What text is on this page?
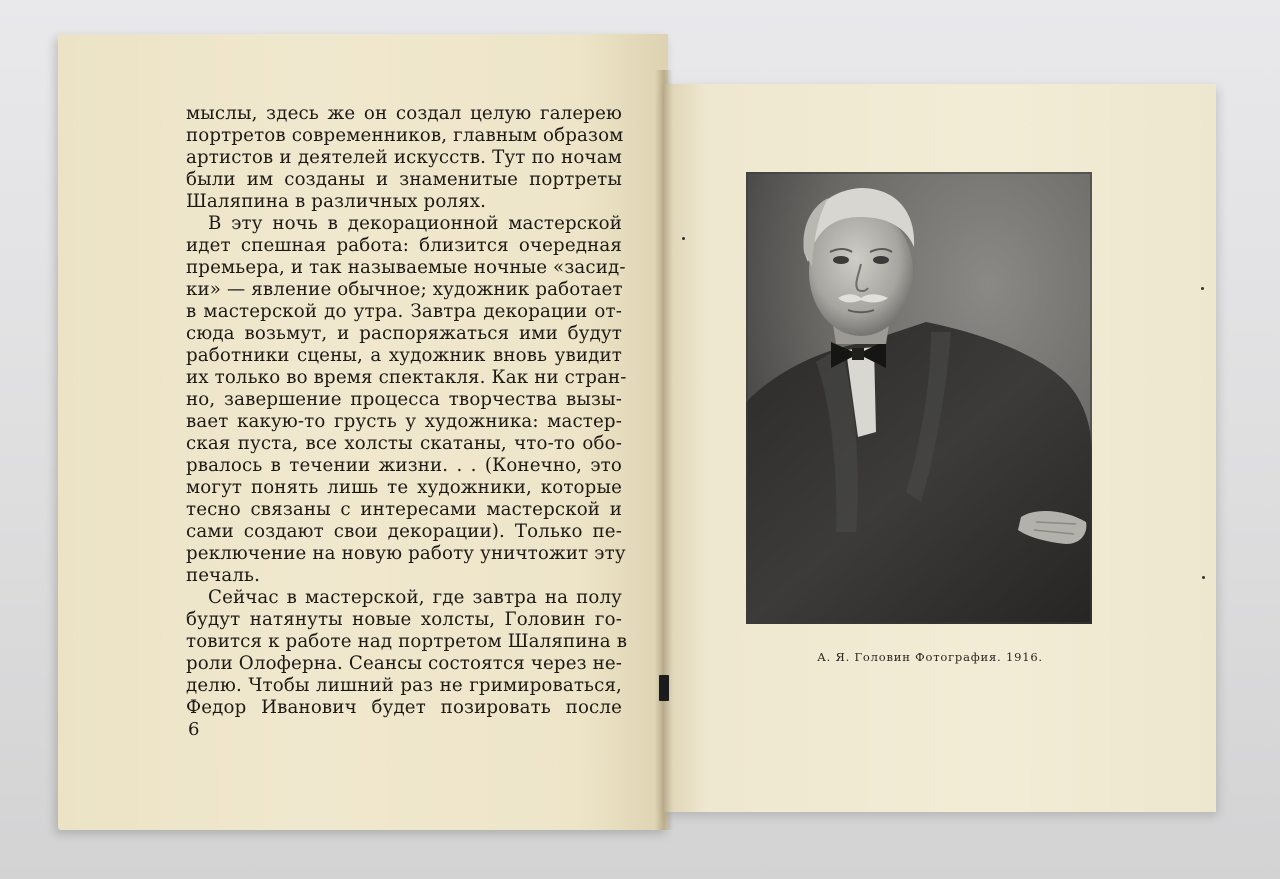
мыслы, здесь же он создал целую галерею
портретов современников, главным образом
артистов и деятелей искусств. Тут по ночам
были им созданы и знаменитые портреты
Шаляпина в различных ролях.
В эту ночь в декорационной мастерской
идет спешная работа: близится очередная
премьера, и так называемые ночные «засид-
ки» — явление обычное; художник работает
в мастерской до утра. Завтра декорации от-
сюда возьмут, и распоряжаться ими будут
работники сцены, а художник вновь увидит
их только во время спектакля. Как ни стран-
но, завершение процесса творчества вызы-
вает какую-то грусть у художника: мастер-
ская пуста, все холсты скатаны, что-то обо-
рвалось в течении жизни. . . (Конечно, это
могут понять лишь те художники, которые
тесно связаны с интересами мастерской и
сами создают свои декорации). Только пе-
реключение на новую работу уничтожит эту
печаль.
Сейчас в мастерской, где завтра на полу
будут натянуты новые холсты, Головин го-
товится к работе над портретом Шаляпина в
роли Олоферна. Сеансы состоятся через не-
делю. Чтобы лишний раз не гримироваться,
Федор Иванович будет позировать после
6
А. Я. Головин Фотография. 1916.
